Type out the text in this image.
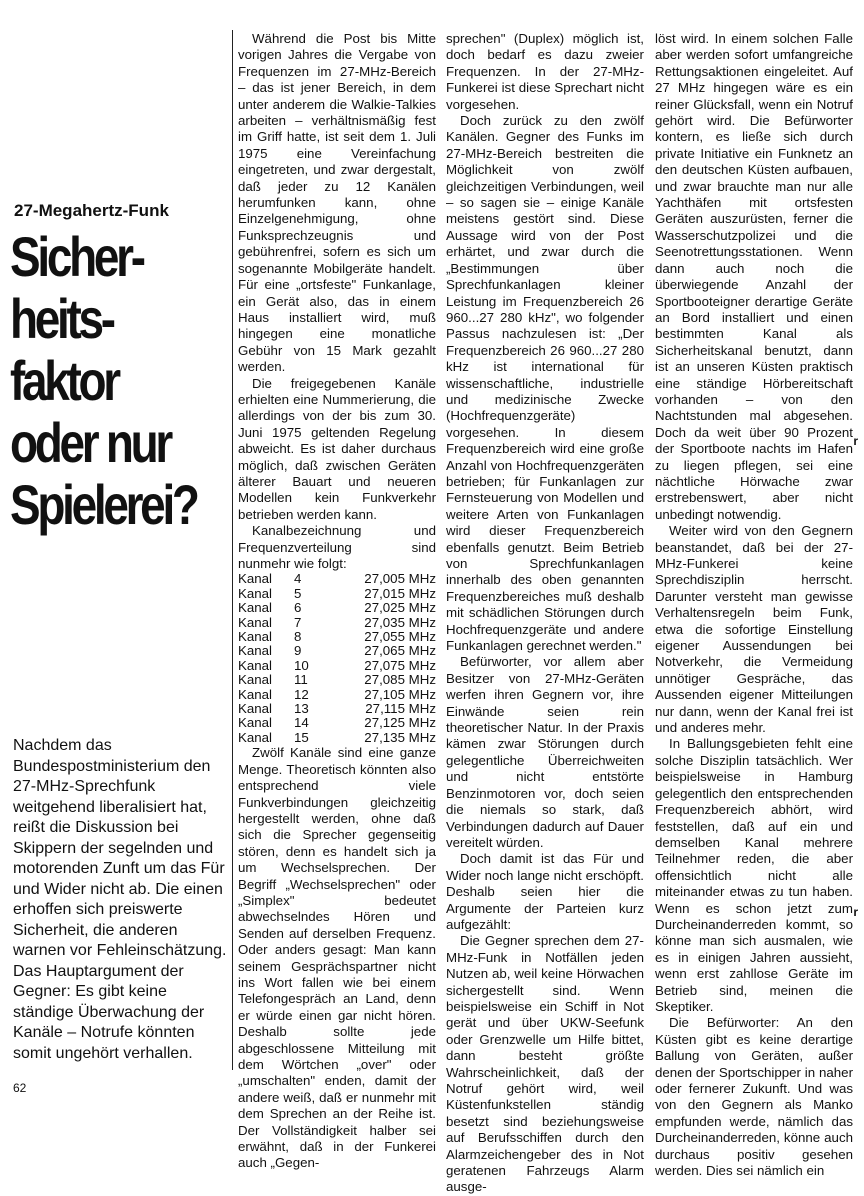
27-Megahertz-Funk
Sicher-
heits-
faktor
oder nur
Spielerei?
Nachdem das Bundespostministerium den 27-MHz-Sprechfunk weitgehend liberalisiert hat, reißt die Diskussion bei Skippern der segelnden und motorenden Zunft um das Für und Wider nicht ab. Die einen erhoffen sich preiswerte Sicherheit, die anderen warnen vor Fehleinschätzung. Das Hauptargument der Gegner: Es gibt keine ständige Überwachung der Kanäle – Notrufe könnten somit ungehört verhallen.
62

Während die Post bis Mitte vorigen Jahres die Vergabe von Frequenzen im 27-MHz-Bereich – das ist jener Bereich, in dem unter anderem die Walkie-Talkies arbeiten – verhältnismäßig fest im Griff hatte, ist seit dem 1. Juli 1975 eine Vereinfachung eingetreten, und zwar dergestalt, daß jeder zu 12 Kanälen herumfunken kann, ohne Einzelgenehmigung, ohne Funksprechzeugnis und gebührenfrei, sofern es sich um sogenannte Mobilgeräte handelt. Für eine „ortsfeste" Funkanlage, ein Gerät also, das in einem Haus installiert wird, muß hingegen eine monatliche Gebühr von 15 Mark gezahlt werden.

Die freigegebenen Kanäle erhielten eine Nummerierung, die allerdings von der bis zum 30. Juni 1975 geltenden Regelung abweicht. Es ist daher durchaus möglich, daß zwischen Geräten älterer Bauart und neueren Modellen kein Funkverkehr betrieben werden kann.

Kanalbezeichnung und Frequenzverteilung sind nunmehr wie folgt:

Kanal	4	27,005 MHz
Kanal	5	27,015 MHz
Kanal	6	27,025 MHz
Kanal	7	27,035 MHz
Kanal	8	27,055 MHz
Kanal	9	27,065 MHz
Kanal	10	27,075 MHz
Kanal	11	27,085 MHz
Kanal	12	27,105 MHz
Kanal	13	27,115 MHz
Kanal	14	27,125 MHz
Kanal	15	27,135 MHz

Zwölf Kanäle sind eine ganze Menge. Theoretisch könnten also entsprechend viele Funkverbindungen gleichzeitig hergestellt werden, ohne daß sich die Sprecher gegenseitig stören, denn es handelt sich ja um Wechselsprechen. Der Begriff „Wechselsprechen" oder „Simplex" bedeutet abwechselndes Hören und Senden auf derselben Frequenz. Oder anders gesagt: Man kann seinem Gesprächspartner nicht ins Wort fallen wie bei einem Telefongespräch an Land, denn er würde einen gar nicht hören. Deshalb sollte jede abgeschlossene Mitteilung mit dem Wörtchen „over" oder „umschalten" enden, damit der andere weiß, daß er nunmehr mit dem Sprechen an der Reihe ist. Der Vollständigkeit halber sei erwähnt, daß in der Funkerei auch „Gegen-

sprechen" (Duplex) möglich ist, doch bedarf es dazu zweier Frequenzen. In der 27-MHz-Funkerei ist diese Sprechart nicht vorgesehen.

Doch zurück zu den zwölf Kanälen. Gegner des Funks im 27-MHz-Bereich bestreiten die Möglichkeit von zwölf gleichzeitigen Verbindungen, weil – so sagen sie – einige Kanäle meistens gestört sind. Diese Aussage wird von der Post erhärtet, und zwar durch die „Bestimmungen über Sprechfunkanlagen kleiner Leistung im Frequenzbereich 26 960...27 280 kHz", wo folgender Passus nachzulesen ist: „Der Frequenzbereich 26 960...27 280 kHz ist international für wissenschaftliche, industrielle und medizinische Zwecke (Hochfrequenzgeräte) vorgesehen. In diesem Frequenzbereich wird eine große Anzahl von Hochfrequenzgeräten betrieben; für Funkanlagen zur Fernsteuerung von Modellen und weitere Arten von Funkanlagen wird dieser Frequenzbereich ebenfalls genutzt. Beim Betrieb von Sprechfunkanlagen innerhalb des oben genannten Frequenzbereiches muß deshalb mit schädlichen Störungen durch Hochfrequenzgeräte und andere Funkanlagen gerechnet werden."

Befürworter, vor allem aber Besitzer von 27-MHz-Geräten werfen ihren Gegnern vor, ihre Einwände seien rein theoretischer Natur. In der Praxis kämen zwar Störungen durch gelegentliche Überreichweiten und nicht entstörte Benzinmotoren vor, doch seien die niemals so stark, daß Verbindungen dadurch auf Dauer vereitelt würden.

Doch damit ist das Für und Wider noch lange nicht erschöpft. Deshalb seien hier die Argumente der Parteien kurz aufgezählt:

Die Gegner sprechen dem 27-MHz-Funk in Notfällen jeden Nutzen ab, weil keine Hörwachen sichergestellt sind. Wenn beispielsweise ein Schiff in Not gerät und über UKW-Seefunk oder Grenzwelle um Hilfe bittet, dann besteht größte Wahrscheinlichkeit, daß der Notruf gehört wird, weil Küstenfunkstellen ständig besetzt sind beziehungsweise auf Berufsschiffen durch den Alarmzeichengeber des in Not geratenen Fahrzeugs Alarm ausge-

löst wird. In einem solchen Falle aber werden sofort umfangreiche Rettungsaktionen eingeleitet. Auf 27 MHz hingegen wäre es ein reiner Glücksfall, wenn ein Notruf gehört wird. Die Befürworter kontern, es ließe sich durch private Initiative ein Funknetz an den deutschen Küsten aufbauen, und zwar brauchte man nur alle Yachthäfen mit ortsfesten Geräten auszurüsten, ferner die Wasserschutzpolizei und die Seenotrettungsstationen. Wenn dann auch noch die überwiegende Anzahl der Sportbooteigner derartige Geräte an Bord installiert und einen bestimmten Kanal als Sicherheitskanal benutzt, dann ist an unseren Küsten praktisch eine ständige Hörbereitschaft vorhanden – von den Nachtstunden mal abgesehen. Doch da weit über 90 Prozent der Sportboote nachts im Hafen zu liegen pflegen, sei eine nächtliche Hörwache zwar erstrebenswert, aber nicht unbedingt notwendig.

Weiter wird von den Gegnern beanstandet, daß bei der 27-MHz-Funkerei keine Sprechdisziplin herrscht. Darunter versteht man gewisse Verhaltensregeln beim Funk, etwa die sofortige Einstellung eigener Aussendungen bei Notverkehr, die Vermeidung unnötiger Gespräche, das Aussenden eigener Mitteilungen nur dann, wenn der Kanal frei ist und anderes mehr.

In Ballungsgebieten fehlt eine solche Disziplin tatsächlich. Wer beispielsweise in Hamburg gelegentlich den entsprechenden Frequenzbereich abhört, wird feststellen, daß auf ein und demselben Kanal mehrere Teilnehmer reden, die aber offensichtlich nicht alle miteinander etwas zu tun haben. Wenn es schon jetzt zum Durcheinanderreden kommt, so könne man sich ausmalen, wie es in einigen Jahren aussieht, wenn erst zahllose Geräte im Betrieb sind, meinen die Skeptiker.

Die Befürworter: An den Küsten gibt es keine derartige Ballung von Geräten, außer denen der Sportschipper in naher oder fernerer Zukunft. Und was von den Gegnern als Manko empfunden werde, nämlich das Durcheinanderreden, könne auch durchaus positiv gesehen werden. Dies sei nämlich ein

r
r
